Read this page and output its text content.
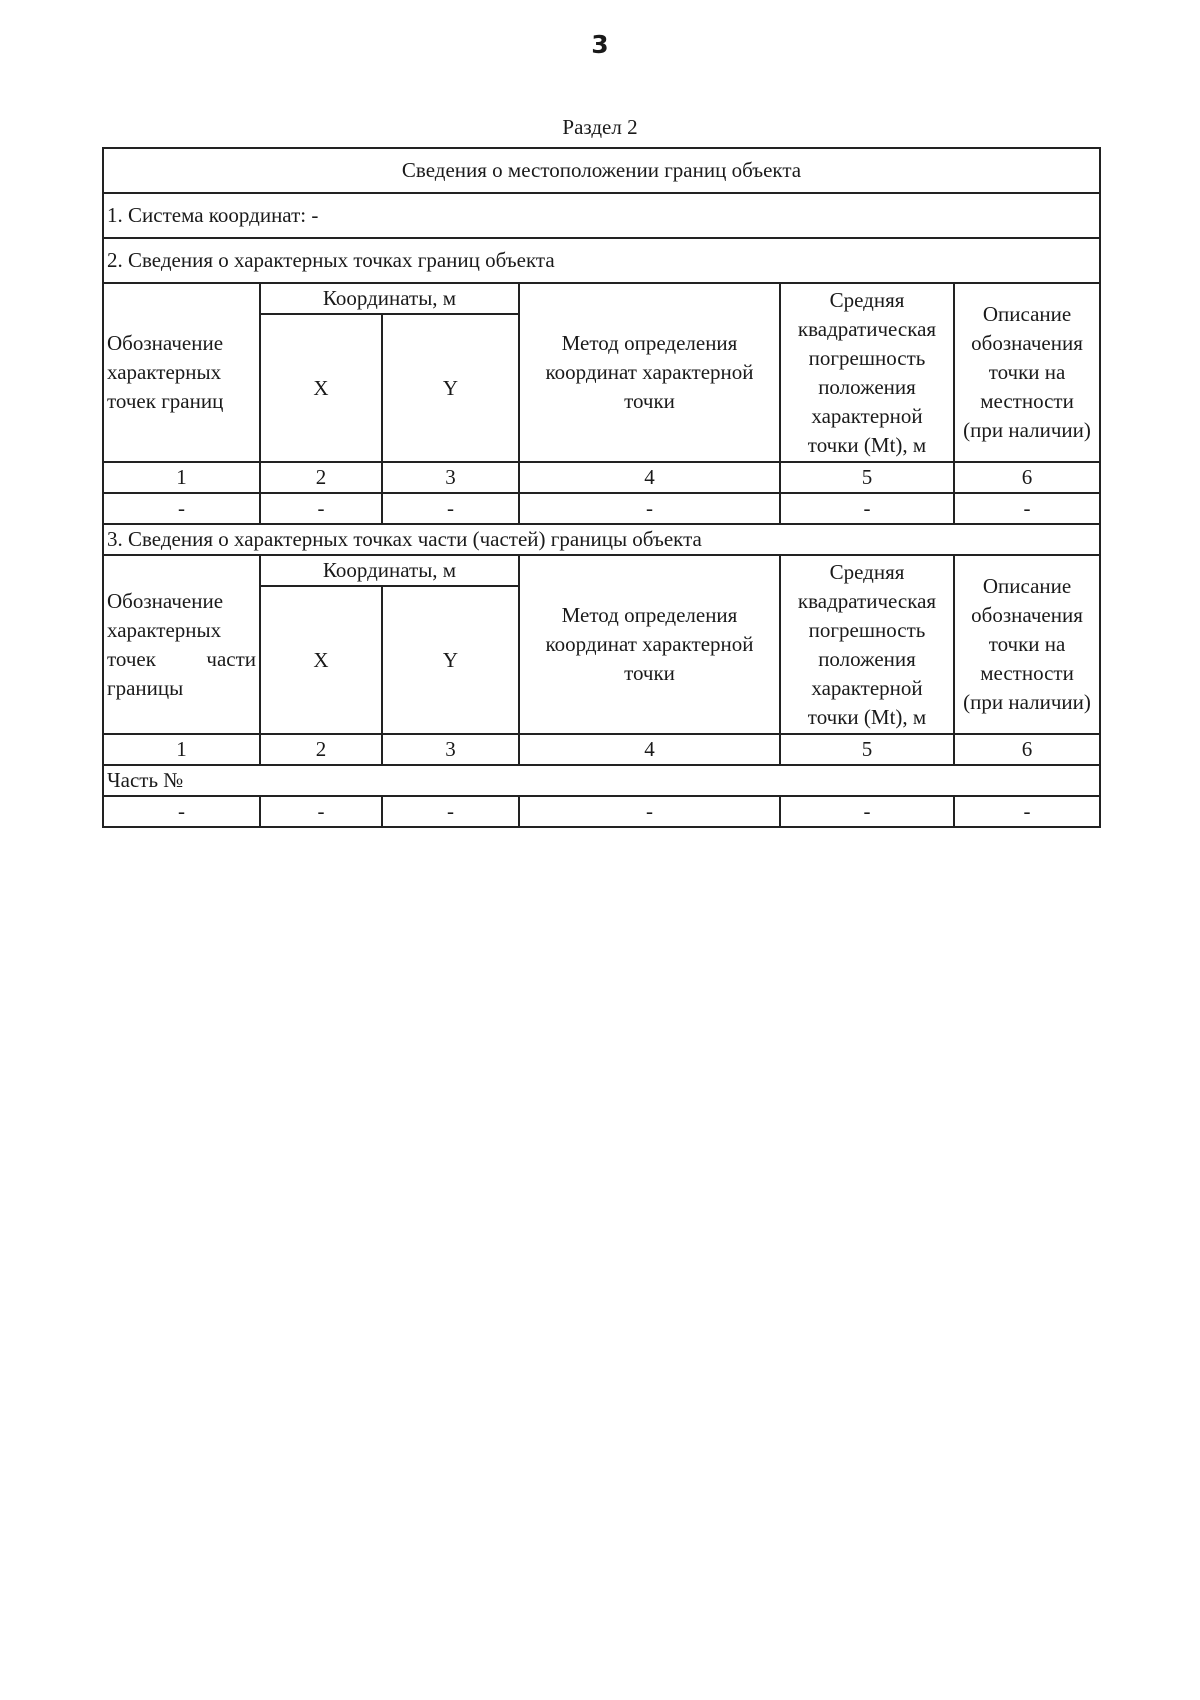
3
Раздел 2
Сведения о местоположении границ объекта					
1. Система координат: -					
2. Сведения о характерных точках границ объекта					
Обозначение характерных точек границ	Координаты, м		Метод определения координат характерной точки	Средняя квадратическая погрешность положения характерной точки (Mt), м	Описание обозначения точки на местности (при наличии)
	X	Y			
1	2	3	4	5	6
-	-	-	-	-	-
3. Сведения о характерных точках части (частей) границы объекта					
Обозначение характерных точек части границы	Координаты, м		Метод определения координат характерной точки	Средняя квадратическая погрешность положения характерной точки (Mt), м	Описание обозначения точки на местности (при наличии)
	X	Y			
1	2	3	4	5	6
Часть №					
-	-	-	-	-	-
